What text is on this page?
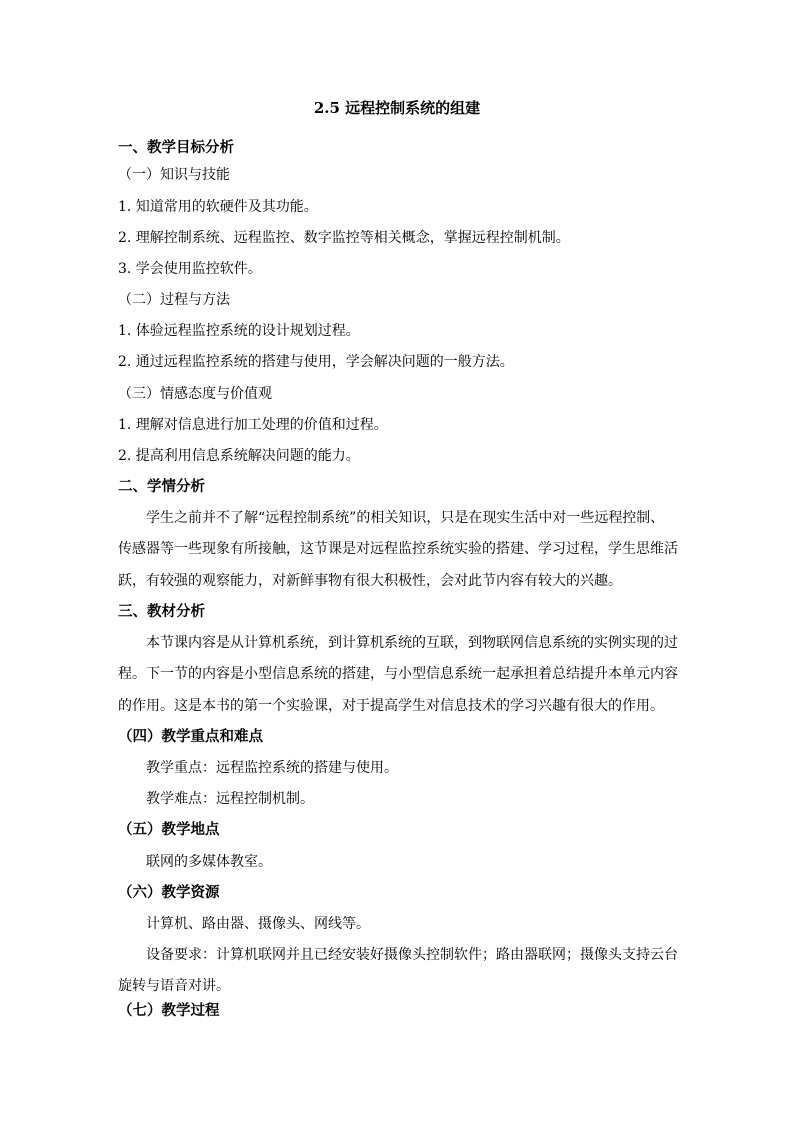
2.5 远程控制系统的组建
一、教学目标分析
（一）知识与技能
1. 知道常用的软硬件及其功能。
2. 理解控制系统、远程监控、数字监控等相关概念，掌握远程控制机制。
3. 学会使用监控软件。
（二）过程与方法
1. 体验远程监控系统的设计规划过程。
2. 通过远程监控系统的搭建与使用，学会解决问题的一般方法。
（三）情感态度与价值观
1. 理解对信息进行加工处理的价值和过程。
2. 提高利用信息系统解决问题的能力。
二、学情分析
学生之前并不了解“远程控制系统”的相关知识，只是在现实生活中对一些远程控制、
传感器等一些现象有所接触，这节课是对远程监控系统实验的搭建、学习过程，学生思维活
跃，有较强的观察能力，对新鲜事物有很大积极性，会对此节内容有较大的兴趣。
三、教材分析
本节课内容是从计算机系统，到计算机系统的互联，到物联网信息系统的实例实现的过
程。下一节的内容是小型信息系统的搭建，与小型信息系统一起承担着总结提升本单元内容
的作用。这是本书的第一个实验课，对于提高学生对信息技术的学习兴趣有很大的作用。
（四）教学重点和难点
教学重点：远程监控系统的搭建与使用。
教学难点：远程控制机制。
（五）教学地点
联网的多媒体教室。
（六）教学资源
计算机、路由器、摄像头、网线等。
设备要求：计算机联网并且已经安装好摄像头控制软件；路由器联网；摄像头支持云台
旋转与语音对讲。
（七）教学过程
